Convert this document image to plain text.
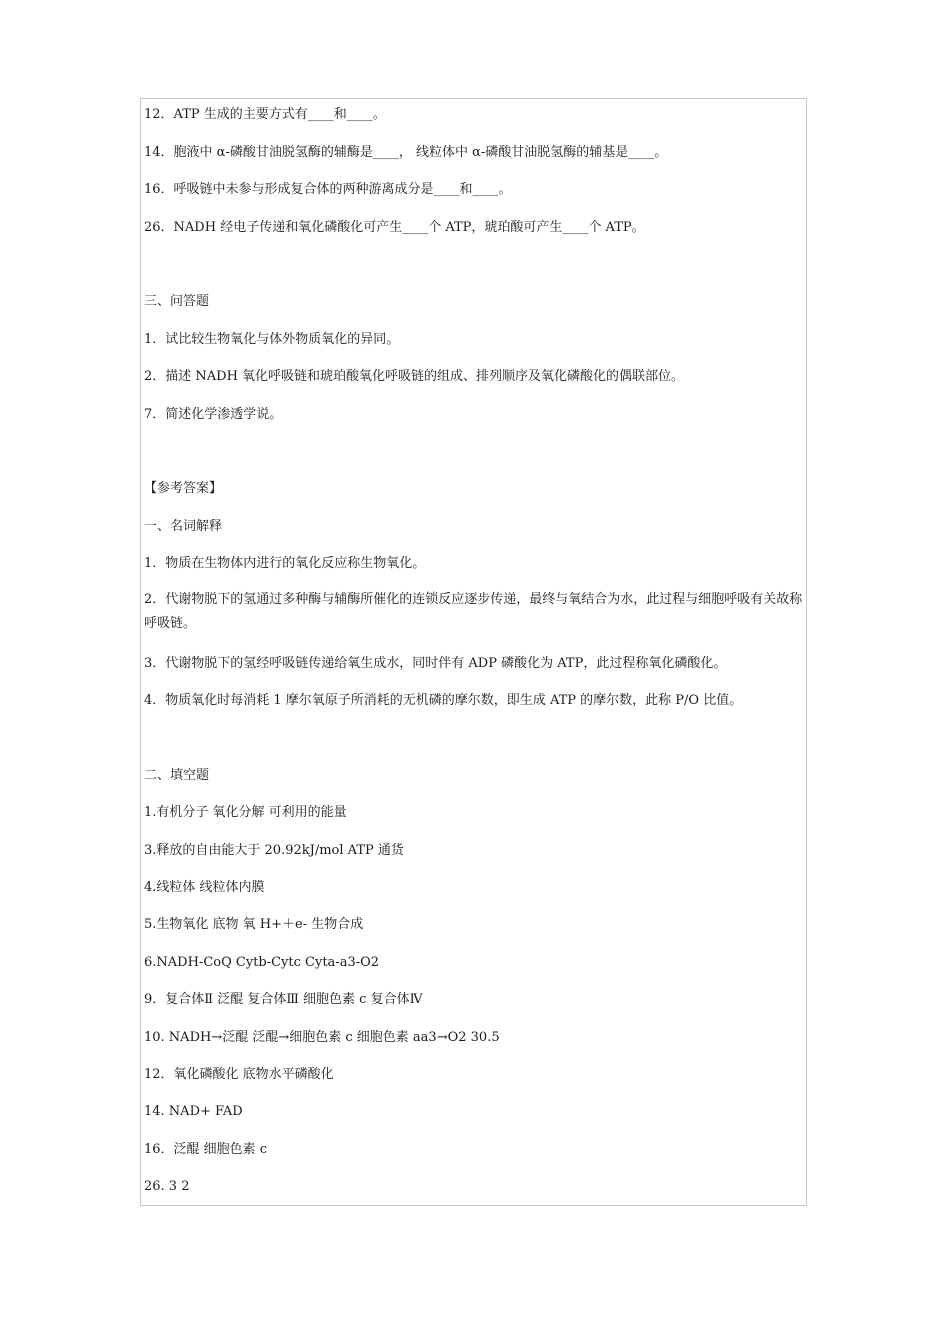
12．ATP 生成的主要方式有____和____。
14．胞液中 α-磷酸甘油脱氢酶的辅酶是____， 线粒体中 α-磷酸甘油脱氢酶的辅基是____。
16．呼吸链中未参与形成复合体的两种游离成分是____和____。
26．NADH 经电子传递和氧化磷酸化可产生____个 ATP，琥珀酸可产生____个 ATP。
三、问答题
1．试比较生物氧化与体外物质氧化的异同。
2．描述 NADH 氧化呼吸链和琥珀酸氧化呼吸链的组成、排列顺序及氧化磷酸化的偶联部位。
7．简述化学渗透学说。
【参考答案】
一、名词解释
1．物质在生物体内进行的氧化反应称生物氧化。
2．代谢物脱下的氢通过多种酶与辅酶所催化的连锁反应逐步传递，最终与氧结合为水，此过程与细胞呼吸有关故称呼吸链。
3．代谢物脱下的氢经呼吸链传递给氧生成水，同时伴有 ADP 磷酸化为 ATP，此过程称氧化磷酸化。
4．物质氧化时每消耗 1 摩尔氧原子所消耗的无机磷的摩尔数，即生成 ATP 的摩尔数，此称 P/O 比值。
二、填空题
1.有机分子 氧化分解 可利用的能量
3.释放的自由能大于 20.92kJ/mol ATP 通货
4.线粒体 线粒体内膜
5.生物氧化 底物 氧 H+＋e- 生物合成
6.NADH-CoQ Cytb-Cytc Cyta-a3-O2
9．复合体Ⅱ 泛醌 复合体Ⅲ 细胞色素 c 复合体Ⅳ
10. NADH→泛醌 泛醌→细胞色素 c 细胞色素 aa3→O2 30.5
12．氧化磷酸化 底物水平磷酸化
14. NAD+ FAD
16．泛醌 细胞色素 c
26. 3 2
